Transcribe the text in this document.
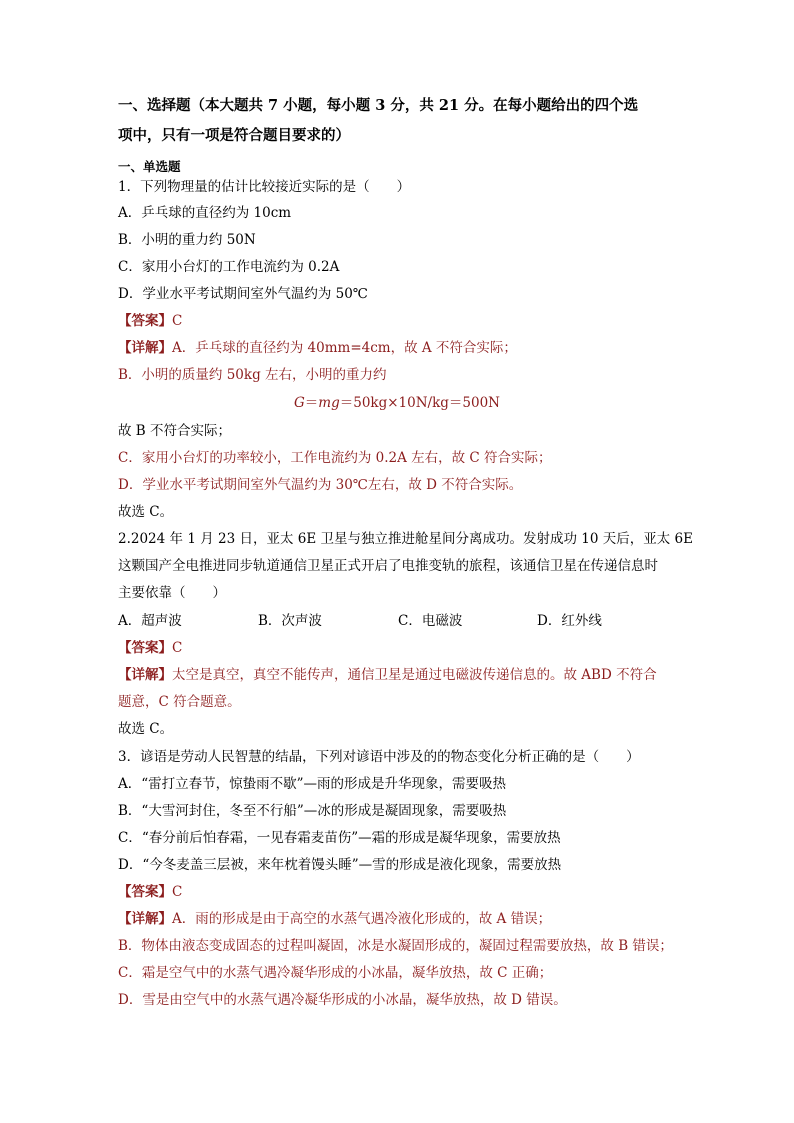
一、选择题（本大题共 7 小题，每小题 3 分，共 21 分。在每小题给出的四个选
项中，只有一项是符合题目要求的）
一、单选题
1．下列物理量的估计比较接近实际的是（　　）
A．乒乓球的直径约为 10cm
B．小明的重力约 50N
C．家用小台灯的工作电流约为 0.2A
D．学业水平考试期间室外气温约为 50℃
【答案】C
【详解】A．乒乓球的直径约为 40mm=4cm，故 A 不符合实际；
B．小明的质量约 50kg 左右，小明的重力约
G＝mg＝50kg×10N/kg＝500N
故 B 不符合实际；
C．家用小台灯的功率较小，工作电流约为 0.2A 左右，故 C 符合实际；
D．学业水平考试期间室外气温约为 30℃左右，故 D 不符合实际。
故选 C。
2.2024 年 1 月 23 日，亚太 6E 卫星与独立推进舱星间分离成功。发射成功 10 天后，亚太 6E
这颗国产全电推进同步轨道通信卫星正式开启了电推变轨的旅程，该通信卫星在传递信息时
主要依靠（　　）
A．超声波	B．次声波	C．电磁波	D．红外线
【答案】C
【详解】太空是真空，真空不能传声，通信卫星是通过电磁波传递信息的。故 ABD 不符合
题意，C 符合题意。
故选 C。
3．谚语是劳动人民智慧的结晶，下列对谚语中涉及的的物态变化分析正确的是（　　）
A．“雷打立春节，惊蛰雨不歇”—雨的形成是升华现象，需要吸热
B．“大雪河封住，冬至不行船”—冰的形成是凝固现象，需要吸热
C．“春分前后怕春霜，一见春霜麦苗伤”—霜的形成是凝华现象，需要放热
D．“今冬麦盖三层被，来年枕着馒头睡”—雪的形成是液化现象，需要放热
【答案】C
【详解】A．雨的形成是由于高空的水蒸气遇冷液化形成的，故 A 错误；
B．物体由液态变成固态的过程叫凝固，冰是水凝固形成的，凝固过程需要放热，故 B 错误；
C．霜是空气中的水蒸气遇冷凝华形成的小冰晶，凝华放热，故 C 正确；
D．雪是由空气中的水蒸气遇冷凝华形成的小冰晶，凝华放热，故 D 错误。
